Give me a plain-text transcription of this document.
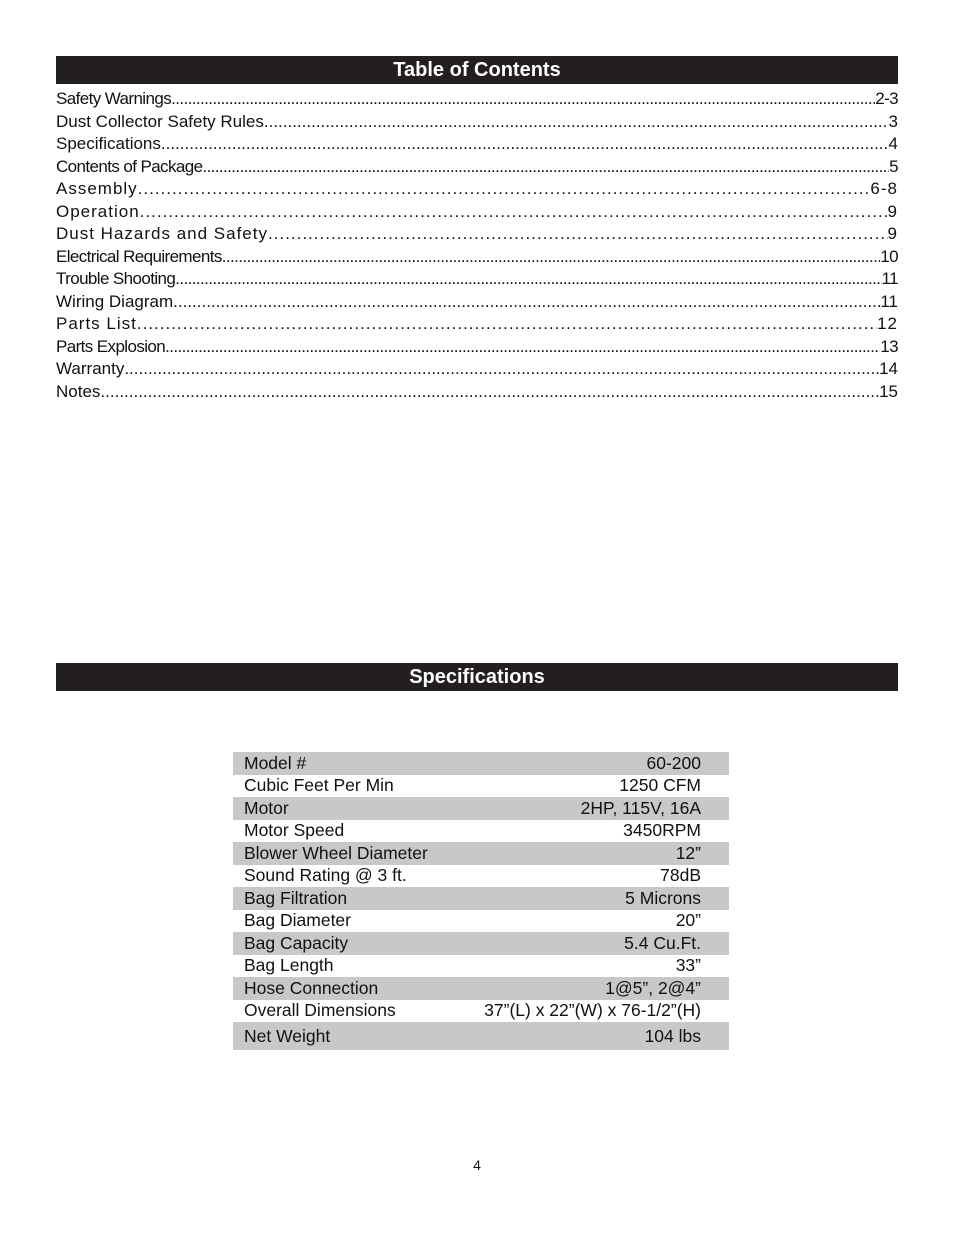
Table of Contents
Safety Warnings .....	2-3
Dust Collector Safety Rules .....	3
Specifications .....	4
Contents of Package .....	5
Assembly .....	6-8
Operation .....	9
Dust Hazards and Safety .....	9
Electrical Requirements .....	10
Trouble Shooting .....	11
Wiring Diagram .....	11
Parts List .....	12
Parts Explosion .....	13
Warranty .....	14
Notes .....	15
Specifications
Model #	60-200
Cubic Feet Per Min	1250 CFM
Motor	2HP, 115V, 16A
Motor Speed	3450RPM
Blower Wheel Diameter	12”
Sound Rating @ 3 ft.	78dB
Bag Filtration	5 Microns
Bag Diameter	20”
Bag Capacity	5.4 Cu.Ft.
Bag Length	33”
Hose Connection	1@5”, 2@4”
Overall Dimensions	37”(L) x 22”(W) x 76-1/2”(H)
Net Weight	104 lbs
4
